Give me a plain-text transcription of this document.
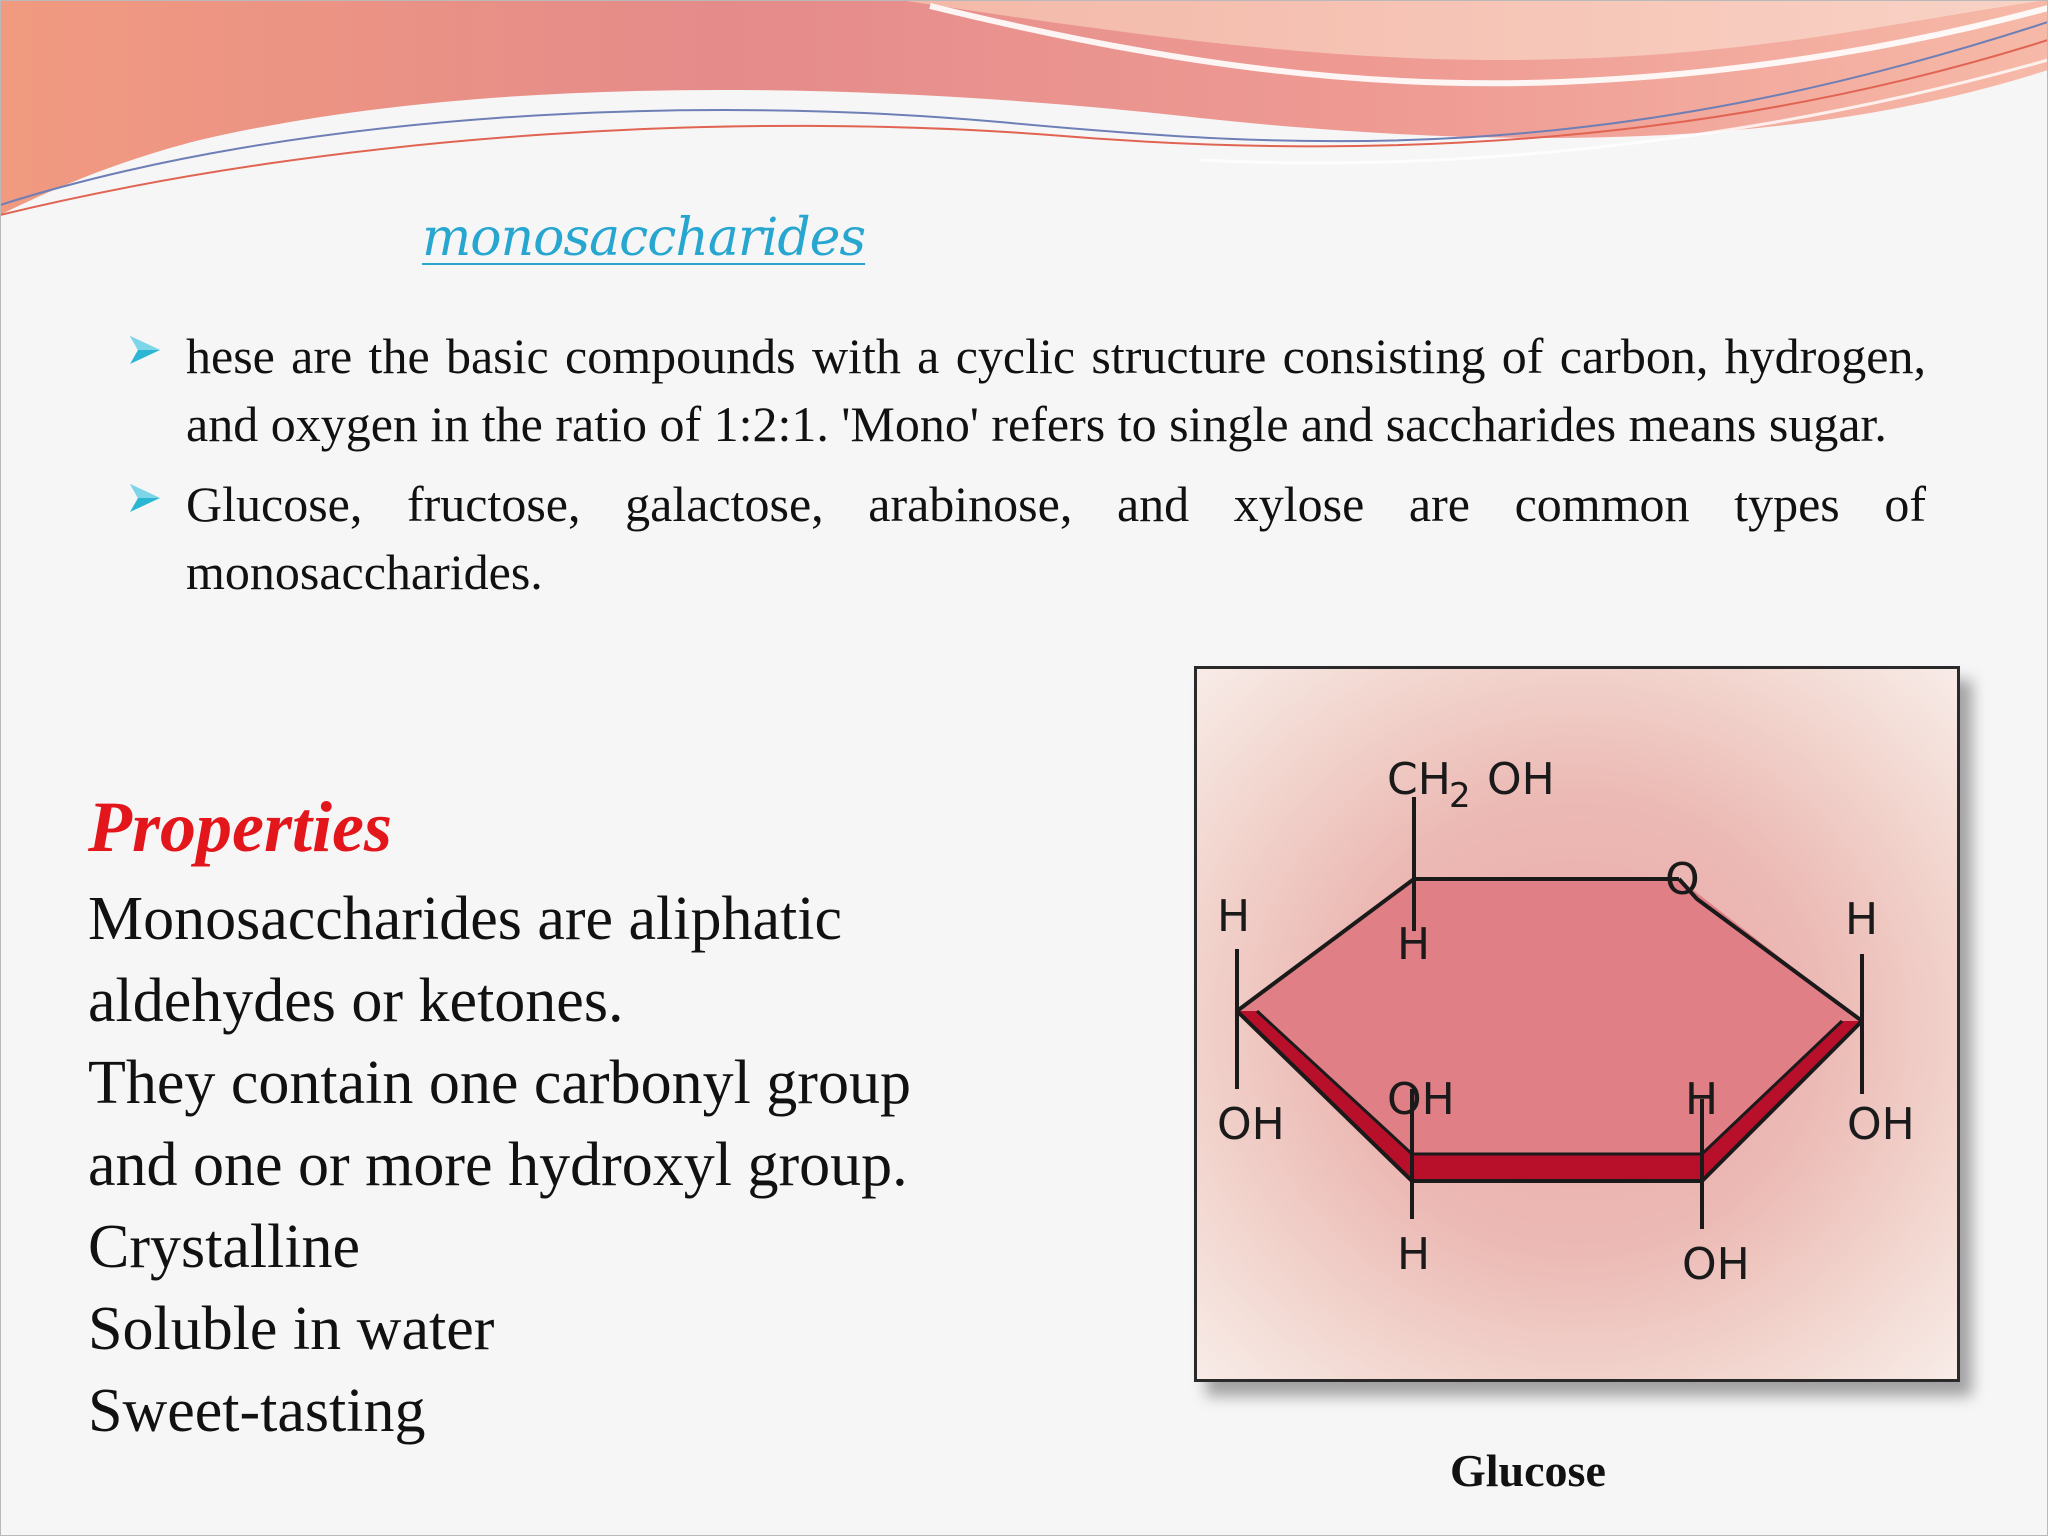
monosaccharides
hese are the basic compounds with a cyclic structure consisting of carbon, hydrogen, and oxygen in the ratio of 1:2:1. 'Mono' refers to single and saccharides means sugar.
Glucose, fructose, galactose, arabinose, and xylose are common types of monosaccharides.
Properties
Monosaccharides are aliphatic
aldehydes or ketones.
They contain one carbonyl group
and one or more hydroxyl group.
Crystalline
Soluble in water
Sweet-tasting
CH
2 OH
O
H
H	H
OH OH	H	OH
H	OH
Glucose
